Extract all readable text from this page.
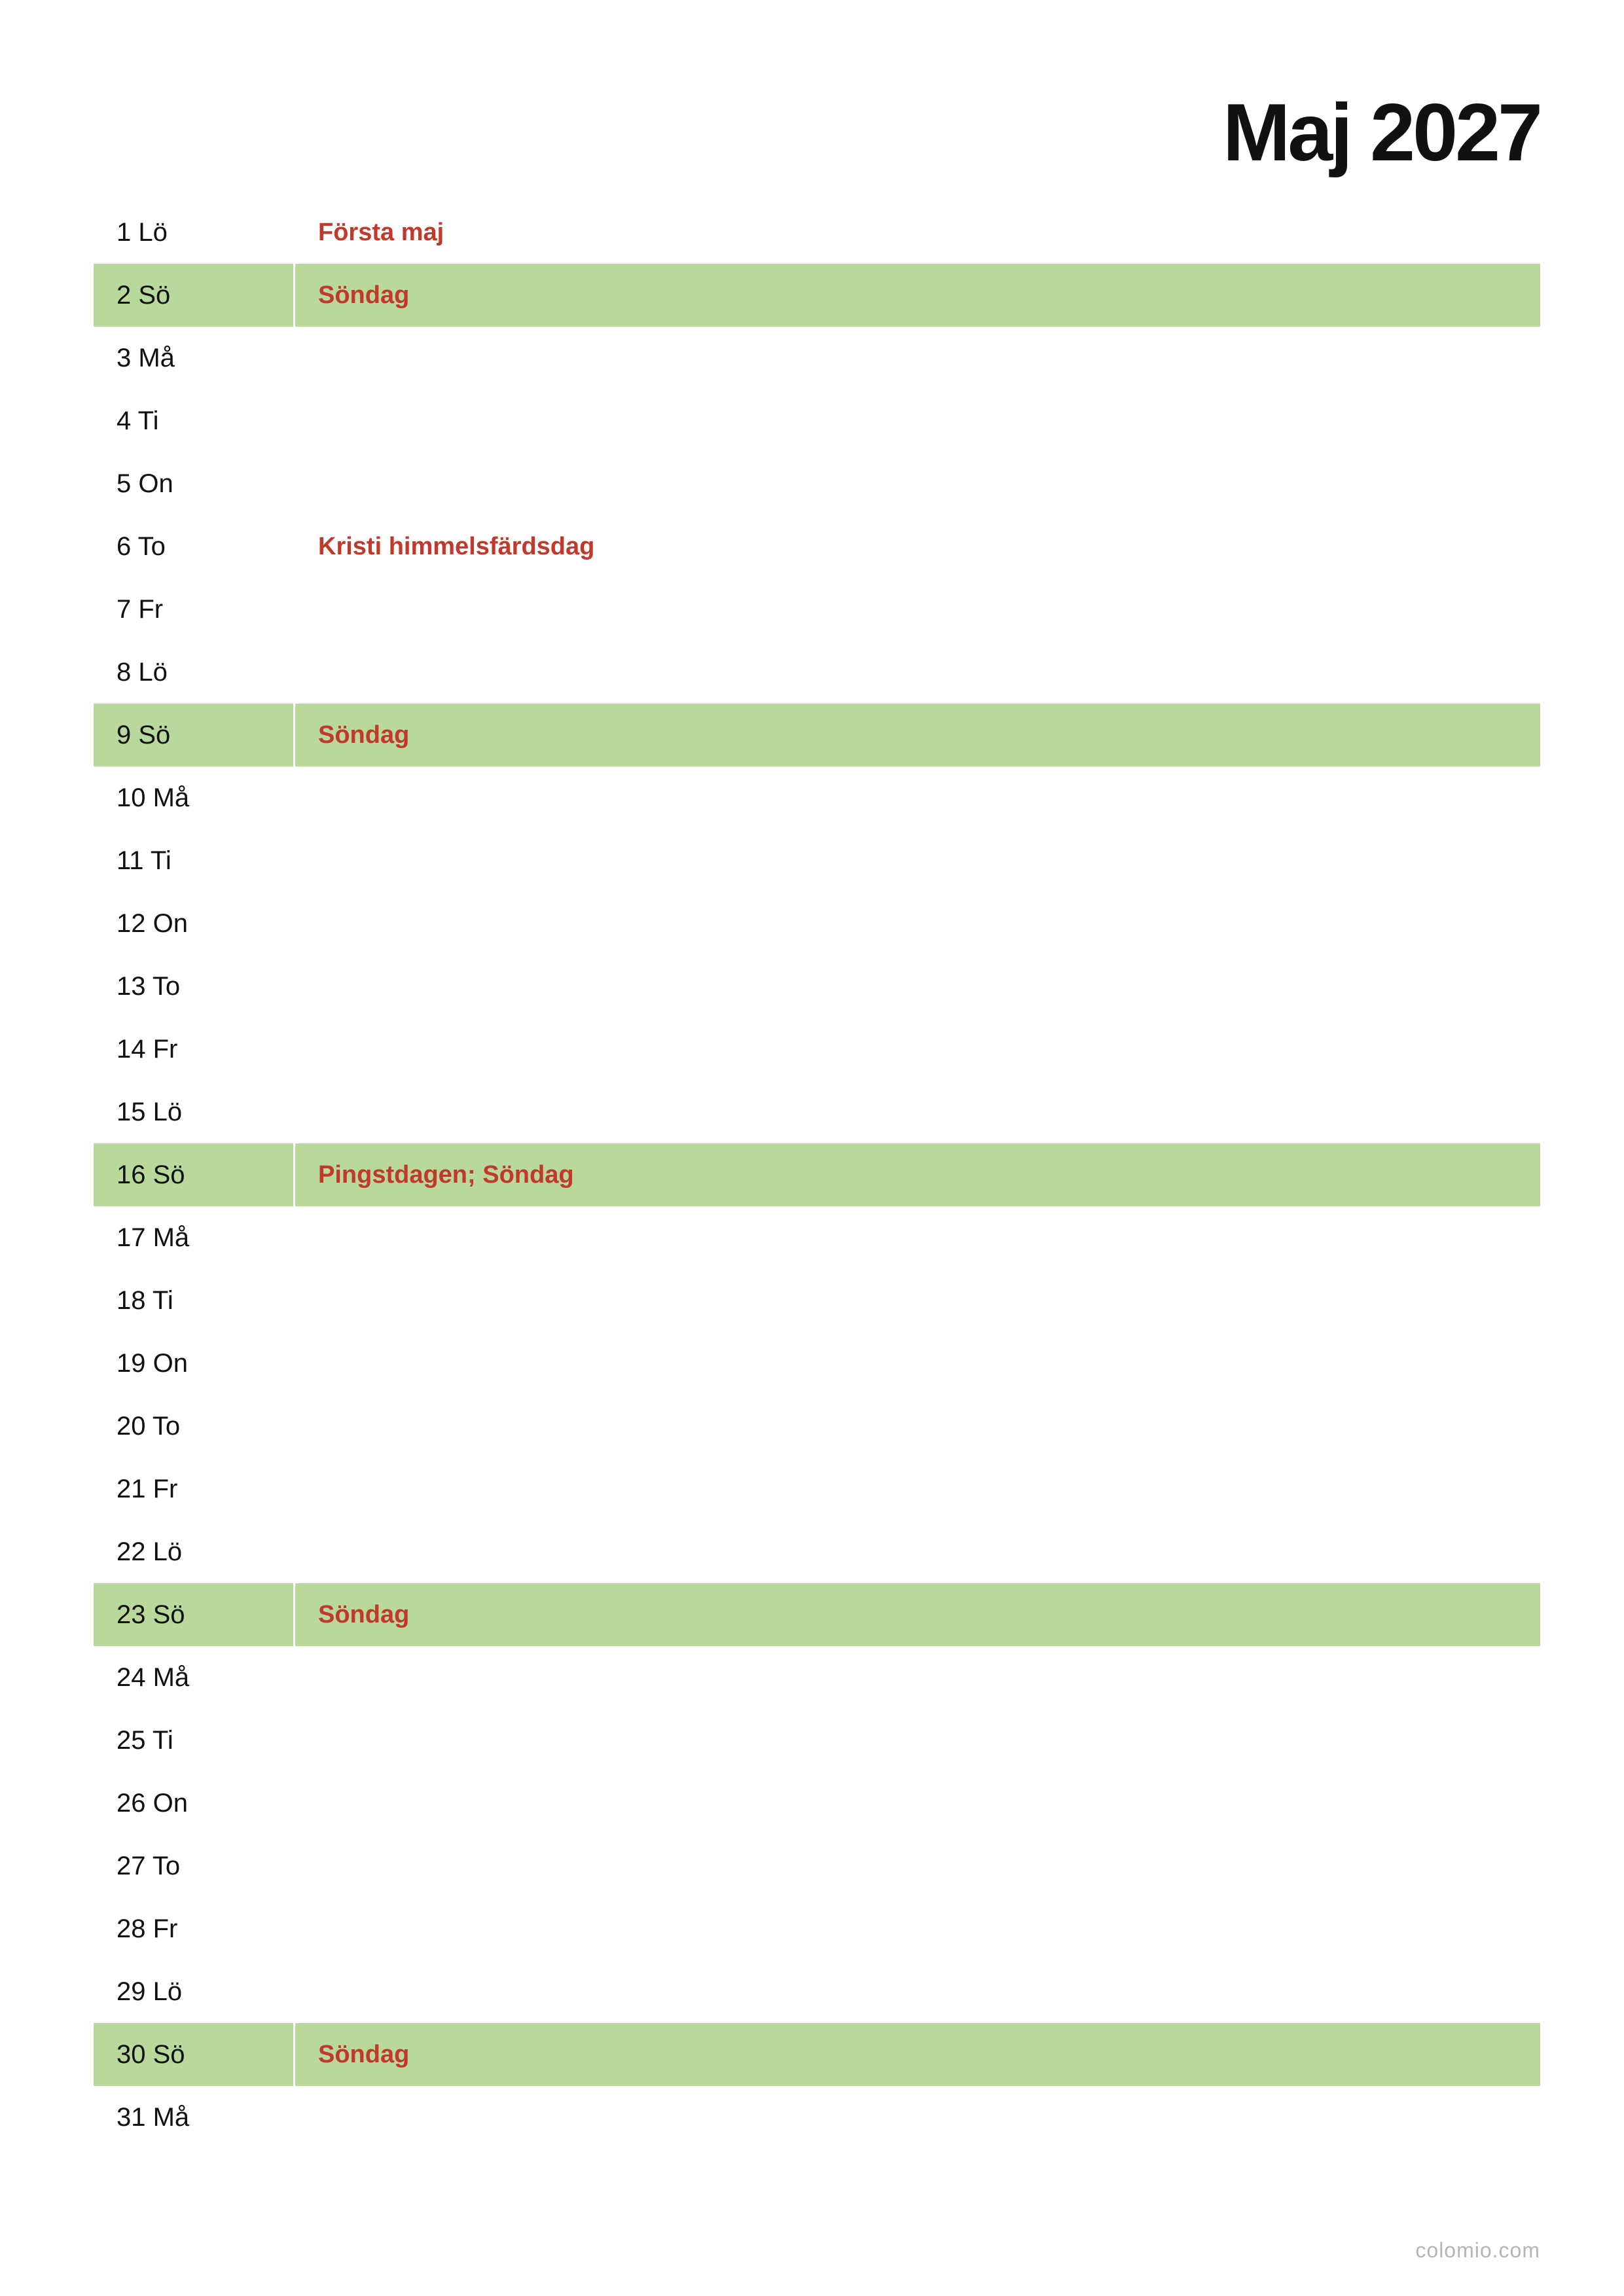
Maj 2027
1 Lö	Första maj
2 Sö	Söndag
3 Må
4 Ti
5 On
6 To	Kristi himmelsfärdsdag
7 Fr
8 Lö
9 Sö	Söndag
10 Må
11 Ti
12 On
13 To
14 Fr
15 Lö
16 Sö	Pingstdagen; Söndag
17 Må
18 Ti
19 On
20 To
21 Fr
22 Lö
23 Sö	Söndag
24 Må
25 Ti
26 On
27 To
28 Fr
29 Lö
30 Sö	Söndag
31 Må
colomio.com
